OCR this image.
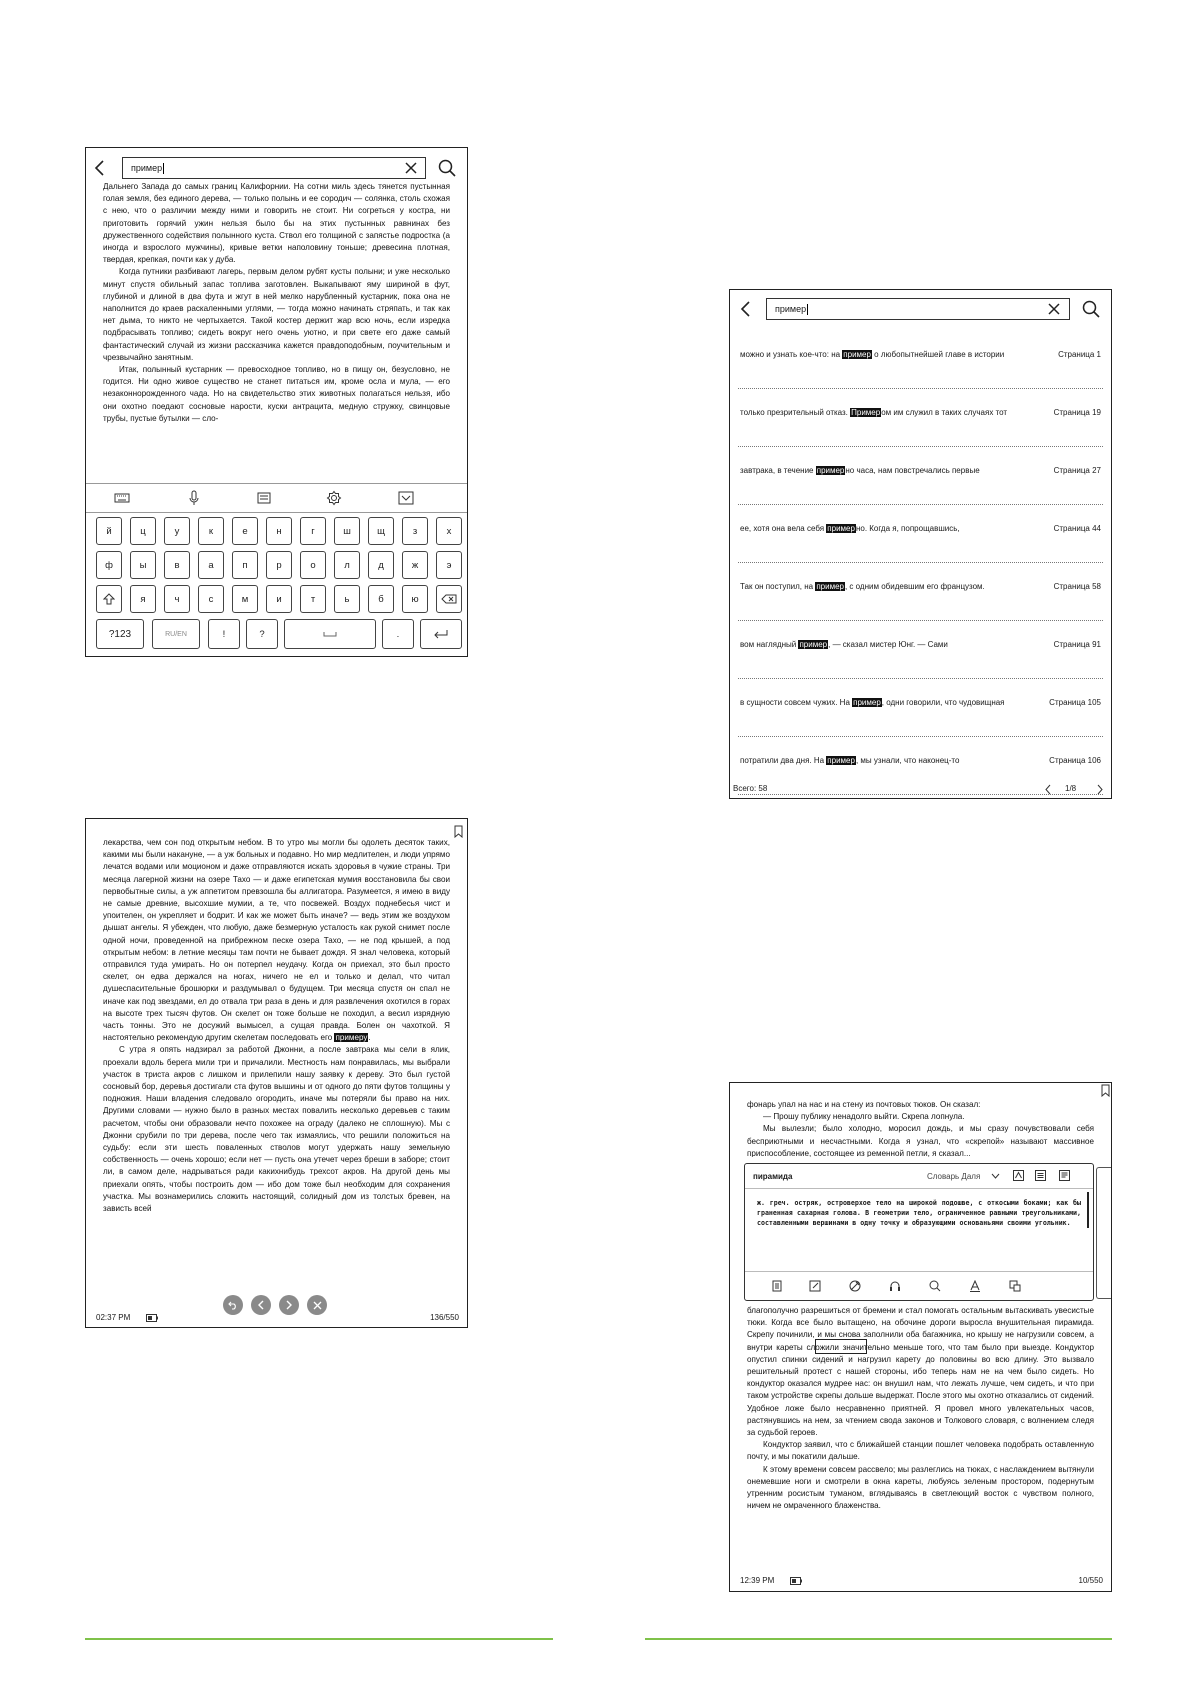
пример

Дальнего Запада до самых границ Калифорнии. На сотни миль здесь тянется пустынная голая земля, без единого дерева, — только полынь и ее сородич — солянка, столь схожая с нею, что о различии между ними и говорить не стоит. Ни согреться у костра, ни приготовить горячий ужин нельзя было бы на этих пустынных равнинах без дружественного содействия полынного куста. Ствол его толщиной с запястье подростка (а иногда и взрослого мужчины), кривые ветки наполовину тоньше; древесина плотная, твердая, крепкая, почти как у дуба.

Когда путники разбивают лагерь, первым делом рубят кусты полыни; и уже несколько минут спустя обильный запас топлива заготовлен. Выкапывают яму шириной в фут, глубиной и длиной в два фута и жгут в ней мелко нарубленный кустарник, пока она не наполнится до краев раскаленными углями, — тогда можно начинать стряпать, и так как нет дыма, то никто не чертыхается. Такой костер держит жар всю ночь, если изредка подбрасывать топливо; сидеть вокруг него очень уютно, и при свете его даже самый фантастический случай из жизни рассказчика кажется правдоподобным, поучительным и чрезвычайно занятным.

Итак, полынный кустарник — превосходное топливо, но в пищу он, безусловно, не годится. Ни одно живое существо не станет питаться им, кроме осла и мула, — его незаконнорожденного чада. Но на свидетельство этих животных полагаться нельзя, ибо они охотно поедают сосновые нарости, куски антрацита, медную стружку, свинцовые трубы, пустые бутылки — сло-

й	ц	у	к	е	н	г	ш	щ	з	х
ф	ы	в	а	п	р	о	л	д	ж	э
я	ч	с	м	и	т	ь	б	ю
?123	RU/EN	!	?	.
пример
можно и узнать кое-что: на пример о любопытнейшей главе в истории	Страница 1
только презрительный отказ. Примером им служил в таких случаях тот	Страница 19
завтрака, в течение примерно часа, нам повстречались первые	Страница 27
ее, хотя она вела себя примерно. Когда я, попрощавшись,	Страница 44
Так он поступил, на пример, с одним обидевшим его французом.	Страница 58
вом наглядный пример, — сказал мистер Юнг. — Сами	Страница 91
в сущности совсем чужих. На пример, одни говорили, что чудовищная	Страница 105
потратили два дня. На пример, мы узнали, что наконец-то	Страница 106
Всего: 58	1/8

лекарства, чем сон под открытым небом. В то утро мы могли бы одолеть десяток таких, какими мы были накануне, — а уж больных и подавно. Но мир медлителен, и люди упрямо лечатся водами или моционом и даже отправляются искать здоровья в чужие страны. Три месяца лагерной жизни на озере Тахо — и даже египетская мумия восстановила бы свои первобытные силы, а уж аппетитом превзошла бы аллигатора. Разумеется, я имею в виду не самые древние, высохшие мумии, а те, что посвежей. Воздух поднебесья чист и упоителен, он укрепляет и бодрит. И как же может быть иначе? — ведь этим же воздухом дышат ангелы. Я убежден, что любую, даже безмерную усталость как рукой снимет после одной ночи, проведенной на прибрежном песке озера Тахо, — не под крышей, а под открытым небом: в летние месяцы там почти не бывает дождя. Я знал человека, который отправился туда умирать. Но он потерпел неудачу. Когда он приехал, это был просто скелет, он едва держался на ногах, ничего не ел и только и делал, что читал душеспасительные брошюрки и раздумывал о будущем. Три месяца спустя он спал не иначе как под звездами, ел до отвала три раза в день и для развлечения охотился в горах на высоте трех тысяч футов. Он скелет он тоже больше не походил, а весил изрядную часть тонны. Это не досужий вымысел, а сущая правда. Болен он чахоткой. Я настоятельно рекомендую другим скелетам последовать его примеру.

С утра я опять надзирал за работой Джонни, а после завтрака мы сели в ялик, проехали вдоль берега мили три и причалили. Местность нам понравилась, мы выбрали участок в триста акров с лишком и прилепили нашу заявку к дереву. Это был густой сосновый бор, деревья достигали ста футов вышины и от одного до пяти футов толщины у подножия. Наши владения следовало огородить, иначе мы потеряли бы право на них. Другими словами — нужно было в разных местах повалить несколько деревьев с таким расчетом, чтобы они образовали нечто похожее на ограду (далеко не сплошную). Мы с Джонни срубили по три дерева, после чего так измаялись, что решили положиться на судьбу: если эти шесть поваленных стволов могут удержать нашу земельную собственность — очень хорошо; если нет — пусть она утечет через бреши в заборе; стоит ли, в самом деле, надрываться ради какихнибудь трехсот акров. На другой день мы приехали опять, чтобы построить дом — ибо дом тоже был необходим для сохранения участка. Мы вознамерились сложить настоящий, солидный дом из толстых бревен, на зависть всей

02:37 PM	136/550

фонарь упал на нас и на стену из почтовых тюков. Он сказал:

— Прошу публику ненадолго выйти. Скрепа лопнула.

Мы вылезли; было холодно, моросил дождь, и мы сразу почувствовали себя бесприютными и несчастными. Когда я узнал, что «скрепой» называют массивное приспособление, состоящее из ременной петли, я сказал...

пирамида	Словарь Даля
ж. греч. остряк, островерхое тело на широкой подошве, с откосыми боками; как бы граненная сахарная голова. В геометрии тело, ограниченное равными треугольниками, составленными вершинами в одну точку и образующими основаньями своими угольник.

благополучно разрешиться от бремени и стал помогать остальным вытаскивать увесистые тюки. Когда все было вытащено, на обочине дороги выросла внушительная пирамида. Скрепу починили, и мы снова заполнили оба багажника, но крышу не нагрузили совсем, а внутри кареты сложили значительно меньше того, что там было при выезде. Кондуктор опустил спинки сидений и нагрузил карету до половины во всю длину. Это вызвало решительный протест с нашей стороны, ибо теперь нам не на чем было сидеть. Но кондуктор оказался мудрее нас: он внушил нам, что лежать лучше, чем сидеть, и что при таком устройстве скрепы дольше выдержат. После этого мы охотно отказались от сидений. Удобное ложе было несравненно приятней. Я провел много увлекательных часов, растянувшись на нем, за чтением свода законов и Толкового словаря, с волнением следя за судьбой героев.

Кондуктор заявил, что с ближайшей станции пошлет человека подобрать оставленную почту, и мы покатили дальше.

К этому времени совсем рассвело; мы разлеглись на тюках, с наслаждением вытянули онемевшие ноги и смотрели в окна кареты, любуясь зеленым простором, подернутым утренним росистым туманом, вглядываясь в светлеющий восток с чувством полного, ничем не омраченного блаженства.

12:39 PM	10/550
